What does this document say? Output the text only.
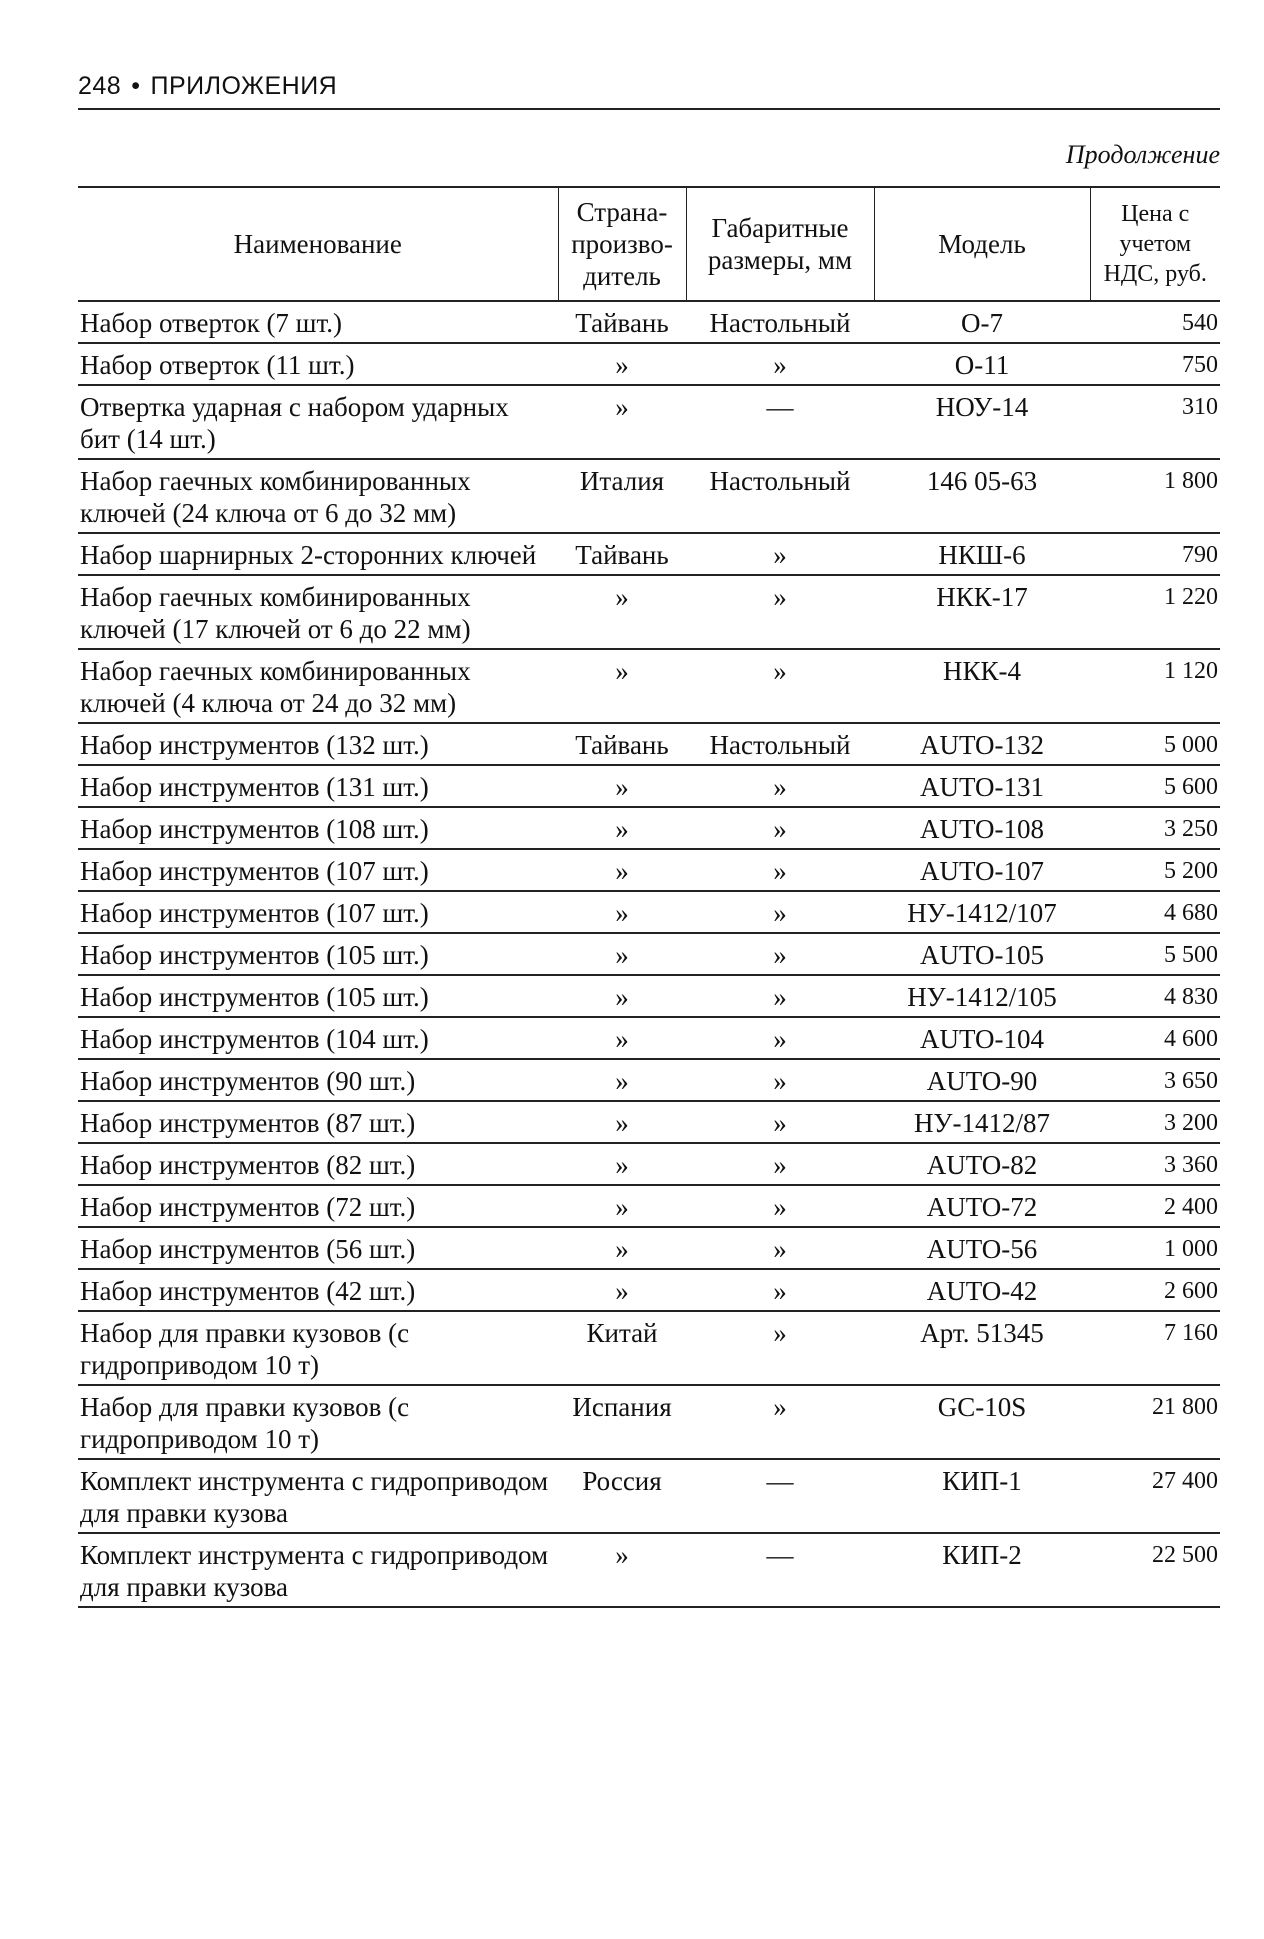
248 • ПРИЛОЖЕНИЯ
Продолжение
Наименование	Страна-произво-дитель	Габаритные размеры, мм	Модель	Цена с учетом НДС, руб.
Набор отверток (7 шт.)	Тайвань	Настольный	О-7	540
Набор отверток (11 шт.)	»	»	О-11	750
Отвертка ударная с набором ударных бит (14 шт.)	»	—	НОУ-14	310
Набор гаечных комбинированных ключей (24 ключа от 6 до 32 мм)	Италия	Настольный	146 05-63	1 800
Набор шарнирных 2-сторонних ключей	Тайвань	»	НКШ-6	790
Набор гаечных комбинированных ключей (17 ключей от 6 до 22 мм)	»	»	НКК-17	1 220
Набор гаечных комбинированных ключей (4 ключа от 24 до 32 мм)	»	»	НКК-4	1 120
Набор инструментов (132 шт.)	Тайвань	Настольный	AUTO-132	5 000
Набор инструментов (131 шт.)	»	»	AUTO-131	5 600
Набор инструментов (108 шт.)	»	»	AUTO-108	3 250
Набор инструментов (107 шт.)	»	»	AUTO-107	5 200
Набор инструментов (107 шт.)	»	»	НУ-1412/107	4 680
Набор инструментов (105 шт.)	»	»	AUTO-105	5 500
Набор инструментов (105 шт.)	»	»	НУ-1412/105	4 830
Набор инструментов (104 шт.)	»	»	AUTO-104	4 600
Набор инструментов (90 шт.)	»	»	AUTO-90	3 650
Набор инструментов (87 шт.)	»	»	НУ-1412/87	3 200
Набор инструментов (82 шт.)	»	»	AUTO-82	3 360
Набор инструментов (72 шт.)	»	»	AUTO-72	2 400
Набор инструментов (56 шт.)	»	»	AUTO-56	1 000
Набор инструментов (42 шт.)	»	»	AUTO-42	2 600
Набор для правки кузовов (с гидроприводом 10 т)	Китай	»	Арт. 51345	7 160
Набор для правки кузовов (с гидроприводом 10 т)	Испания	»	GC-10S	21 800
Комплект инструмента с гидроприводом для правки кузова	Россия	—	КИП-1	27 400
Комплект инструмента с гидроприводом для правки кузова	»	—	КИП-2	22 500
